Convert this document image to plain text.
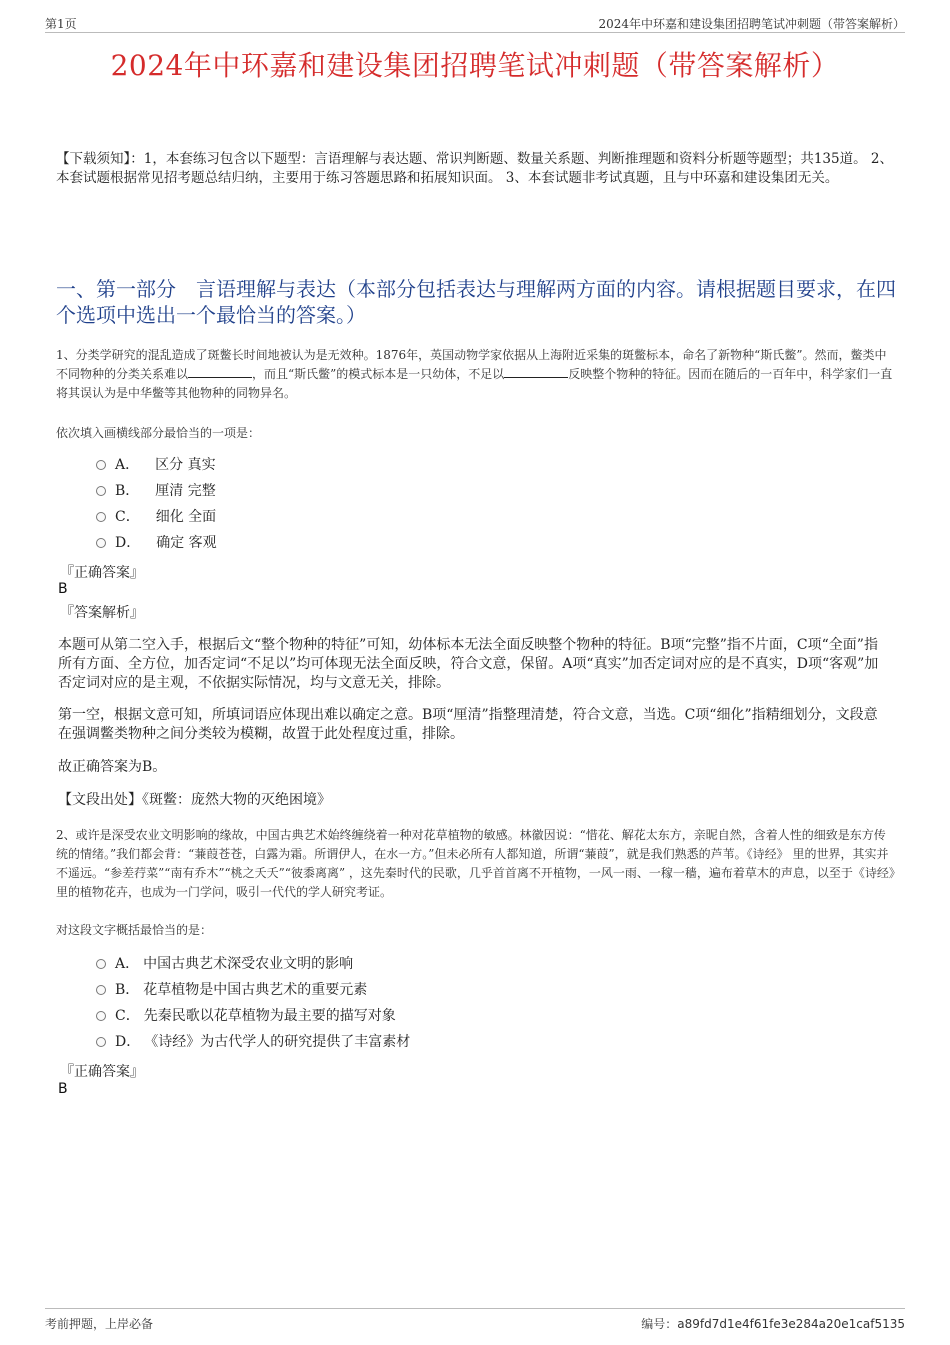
第1页	2024年中环嘉和建设集团招聘笔试冲刺题（带答案解析）
2024年中环嘉和建设集团招聘笔试冲刺题（带答案解析）
【下载须知】：1，本套练习包含以下题型：言语理解与表达题、常识判断题、数量关系题、判断推理题和资料分析题等题型；共135道。 2、本套试题根据常见招考题总结归纳，主要用于练习答题思路和拓展知识面。 3、本套试题非考试真题，且与中环嘉和建设集团无关。
一、第一部分　言语理解与表达（本部分包括表达与理解两方面的内容。请根据题目要求，在四个选项中选出一个最恰当的答案。）
1、分类学研究的混乱造成了斑鳖长时间地被认为是无效种。1876年，英国动物学家依据从上海附近采集的斑鳖标本，命名了新物种“斯氏鳖”。然而，鳖类中不同物种的分类关系难以	，而且“斯氏鳖”的模式标本是一只幼体，不足以	反映整个物种的特征。因而在随后的一百年中，科学家们一直将其误认为是中华鳖等其他物种的同物异名。
依次填入画横线部分最恰当的一项是：
A． 区分 真实
B． 厘清 完整
C． 细化 全面
D． 确定 客观
『正确答案』
B
『答案解析』
本题可从第二空入手，根据后文“整个物种的特征”可知，幼体标本无法全面反映整个物种的特征。B项“完整”指不片面，C项“全面”指所有方面、全方位，加否定词“不足以”均可体现无法全面反映，符合文意，保留。A项“真实”加否定词对应的是不真实，D项“客观”加否定词对应的是主观，不依据实际情况，均与文意无关，排除。
第一空，根据文意可知，所填词语应体现出难以确定之意。B项“厘清”指整理清楚，符合文意，当选。C项“细化”指精细划分，文段意在强调鳖类物种之间分类较为模糊，故置于此处程度过重，排除。
故正确答案为B。
【文段出处】《斑鳖：庞然大物的灭绝困境》
2、或许是深受农业文明影响的缘故，中国古典艺术始终缠绕着一种对花草植物的敏感。林徽因说：“惜花、解花太东方，亲昵自然，含着人性的细致是东方传统的情绪。”我们都会背：“蒹葭苍苍，白露为霜。所谓伊人，在水一方。”但未必所有人都知道，所谓“蒹葭”，就是我们熟悉的芦苇。《诗经》 里的世界，其实并不遥远。“参差荇菜”“南有乔木”“桃之夭夭”“彼黍离离” ，这先秦时代的民歌，几乎首首离不开植物，一风一雨、一稼一穑，遍布着草木的声息，以至于《诗经》里的植物花卉，也成为一门学问，吸引一代代的学人研究考证。
对这段文字概括最恰当的是：
A． 中国古典艺术深受农业文明的影响
B． 花草植物是中国古典艺术的重要元素
C． 先秦民歌以花草植物为最主要的描写对象
D． 《诗经》为古代学人的研究提供了丰富素材
『正确答案』
B
考前押题，上岸必备	编号：a89fd7d1e4f61fe3e284a20e1caf5135
